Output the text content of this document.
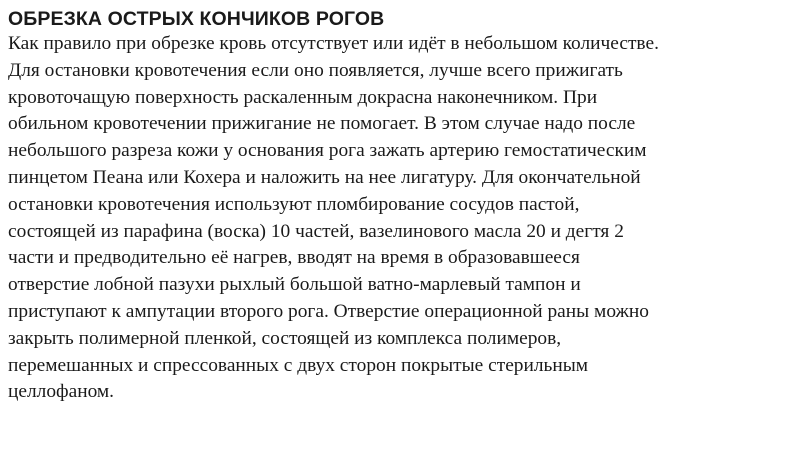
ОБРЕЗКА ОСТРЫХ КОНЧИКОВ РОГОВ

Как правило при обрезке кровь отсутствует или идёт в небольшом количестве.
Для остановки кровотечения если оно появляется, лучше всего прижигать
кровоточащую поверхность раскаленным докрасна наконечником. При
обильном кровотечении прижигание не помогает. В этом случае надо после
небольшого разреза кожи у основания рога зажать артерию гемостатическим
пинцетом Пеана или Кохера и наложить на нее лигатуру. Для окончательной
остановки кровотечения используют пломбирование сосудов пастой,
состоящей из парафина (воска) 10 частей, вазелинового масла 20 и дегтя 2
части и предводительно её нагрев, вводят на время в образовавшееся
отверстие лобной пазухи рыхлый большой ватно-марлевый тампон и
приступают к ампутации второго рога. Отверстие операционной раны можно
закрыть полимерной пленкой, состоящей из комплекса полимеров,
перемешанных и спрессованных с двух сторон покрытые стерильным
целлофаном.
